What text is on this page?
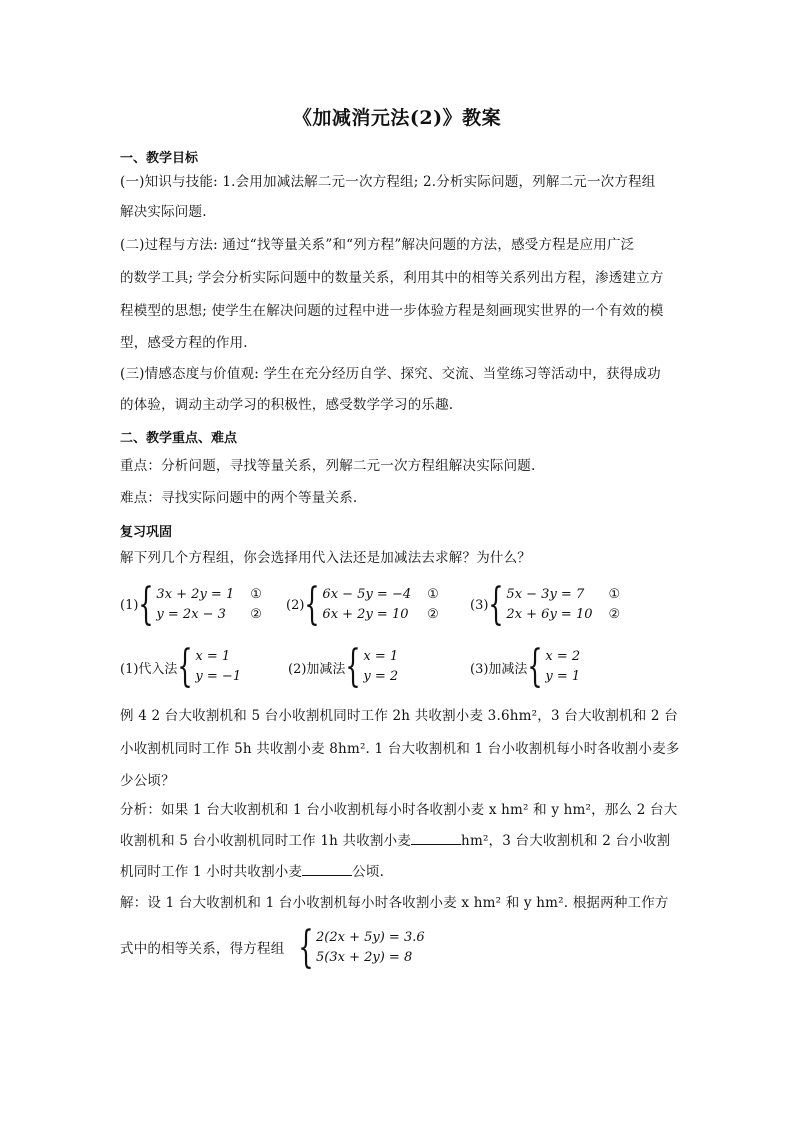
《加减消元法(2)》教案
一、教学目标
(一)知识与技能: 1.会用加减法解二元一次方程组; 2.分析实际问题，列解二元一次方程组
解决实际问题.
(二)过程与方法: 通过“找等量关系”和“列方程”解决问题的方法，感受方程是应用广泛
的数学工具; 学会分析实际问题中的数量关系，利用其中的相等关系列出方程，渗透建立方
程模型的思想; 使学生在解决问题的过程中进一步体验方程是刻画现实世界的一个有效的模
型，感受方程的作用.
(三)情感态度与价值观: 学生在充分经历自学、探究、交流、当堂练习等活动中，获得成功
的体验，调动主动学习的积极性，感受数学学习的乐趣.
二、教学重点、难点
重点：分析问题，寻找等量关系，列解二元一次方程组解决实际问题.
难点：寻找实际问题中的两个等量关系.
复习巩固
解下列几个方程组，你会选择用代入法还是加减法去求解？为什么？
(1) { 3x + 2y = 1
y = 2x − 3
①
②
(2) { 6x − 5y = −4
6x + 2y = 10
①
②
(3) { 5x − 3y = 7
2x + 6y = 10
①
②
(1)代入法 { x = 1
y = −1	(2)加减法 { x = 1
y = 2	(3)加减法 { x = 2
y = 1
例 4 2 台大收割机和 5 台小收割机同时工作 2h 共收割小麦 3.6hm²，3 台大收割机和 2 台
小收割机同时工作 5h 共收割小麦 8hm². 1 台大收割机和 1 台小收割机每小时各收割小麦多
少公顷？
分析：如果 1 台大收割机和 1 台小收割机每小时各收割小麦 x hm² 和 y hm²，那么 2 台大
收割机和 5 台小收割机同时工作 1h 共收割小麦	hm²，3 台大收割机和 2 台小收割
机同时工作 1 小时共收割小麦	公顷.
解：设 1 台大收割机和 1 台小收割机每小时各收割小麦 x hm² 和 y hm². 根据两种工作方
式中的相等关系，得方程组 { 2(2x + 5y) = 3.6
5(3x + 2y) = 8
